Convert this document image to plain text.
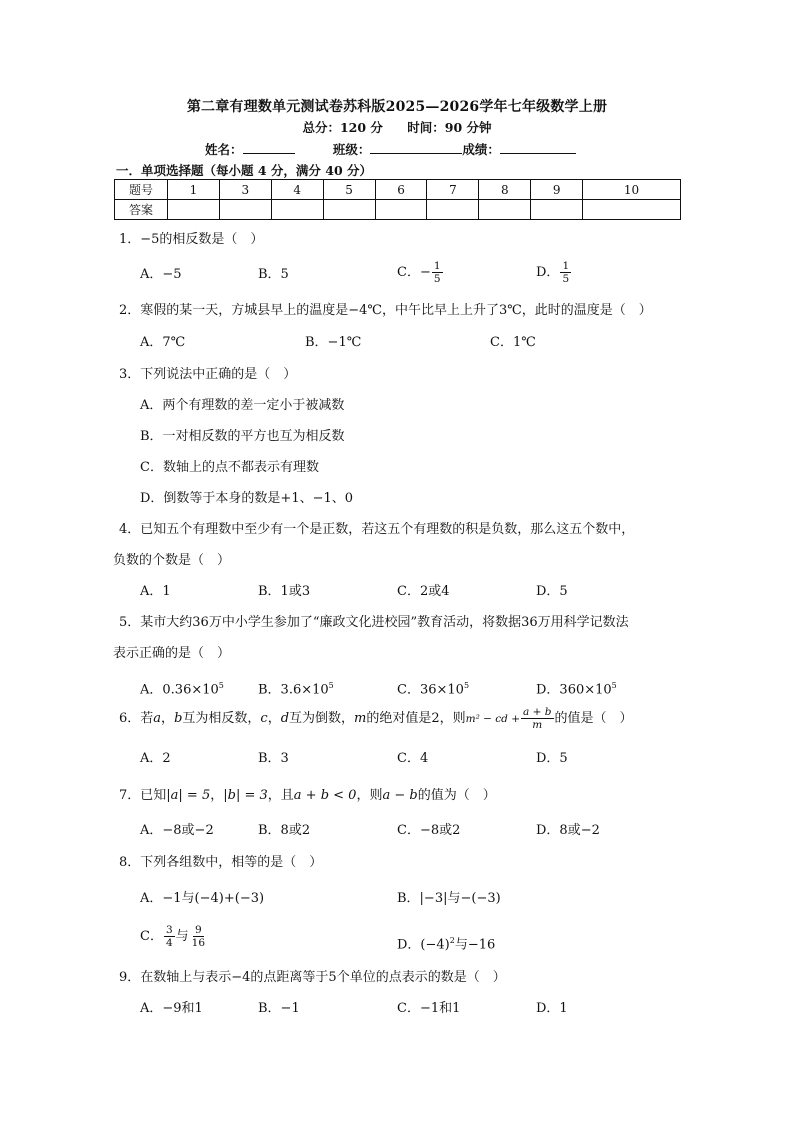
第二章有理数单元测试卷苏科版2025—2026学年七年级数学上册
总分：120 分 时间：90 分钟
姓名：	班级：	成绩：
一．单项选择题（每小题 4 分，满分 40 分）
题号	1	3	4	5	6	7	8	9	10
答案									
1．−5的相反数是（　）
A．−5	B．5	C．− $\frac{1}{5}$	D． $\frac{1}{5}$
2．寒假的某一天，方城县早上的温度是−4℃，中午比早上上升了3℃，此时的温度是（　）
A．7℃	B．−1℃	C．1℃
3．下列说法中正确的是（　）
A．两个有理数的差一定小于被减数
B．一对相反数的平方也互为相反数
C．数轴上的点不都表示有理数
D．倒数等于本身的数是+1、−1、0
4．已知五个有理数中至少有一个是正数，若这五个有理数的积是负数，那么这五个数中，
负数的个数是（　）
A．1	B．1或3	C．2或4	D．5
5．某市大约36万中小学生参加了“廉政文化进校园”教育活动，将数据36万用科学记数法
表示正确的是（　）
A．$0.36\times 10^5$	B．$3.6\times 10^5$	C．$36\times 10^5$	D．$360\times 10^5$
6．若a，b互为相反数，c，d互为倒数，m的绝对值是2，则m² − cd + $\frac{a + b}{m}$ 的值是（　）
A．2	B．3	C．4	D．5
7．已知|a| = 5，|b| = 3，且a + b < 0，则a − b的值为（　）
A．−8或−2	B．8或2	C．−8或2	D．8或−2
8．下列各组数中，相等的是（　）
A．−1与(−4)+(−3)	B．|−3|与−(−3)
C． $\frac{3}{4}$ 与 $\frac{9}{16}$	D．$(-4)^2$与−16
9．在数轴上与表示−4的点距离等于5个单位的点表示的数是（　）
A．−9和1	B．−1	C．−1和1	D．1
